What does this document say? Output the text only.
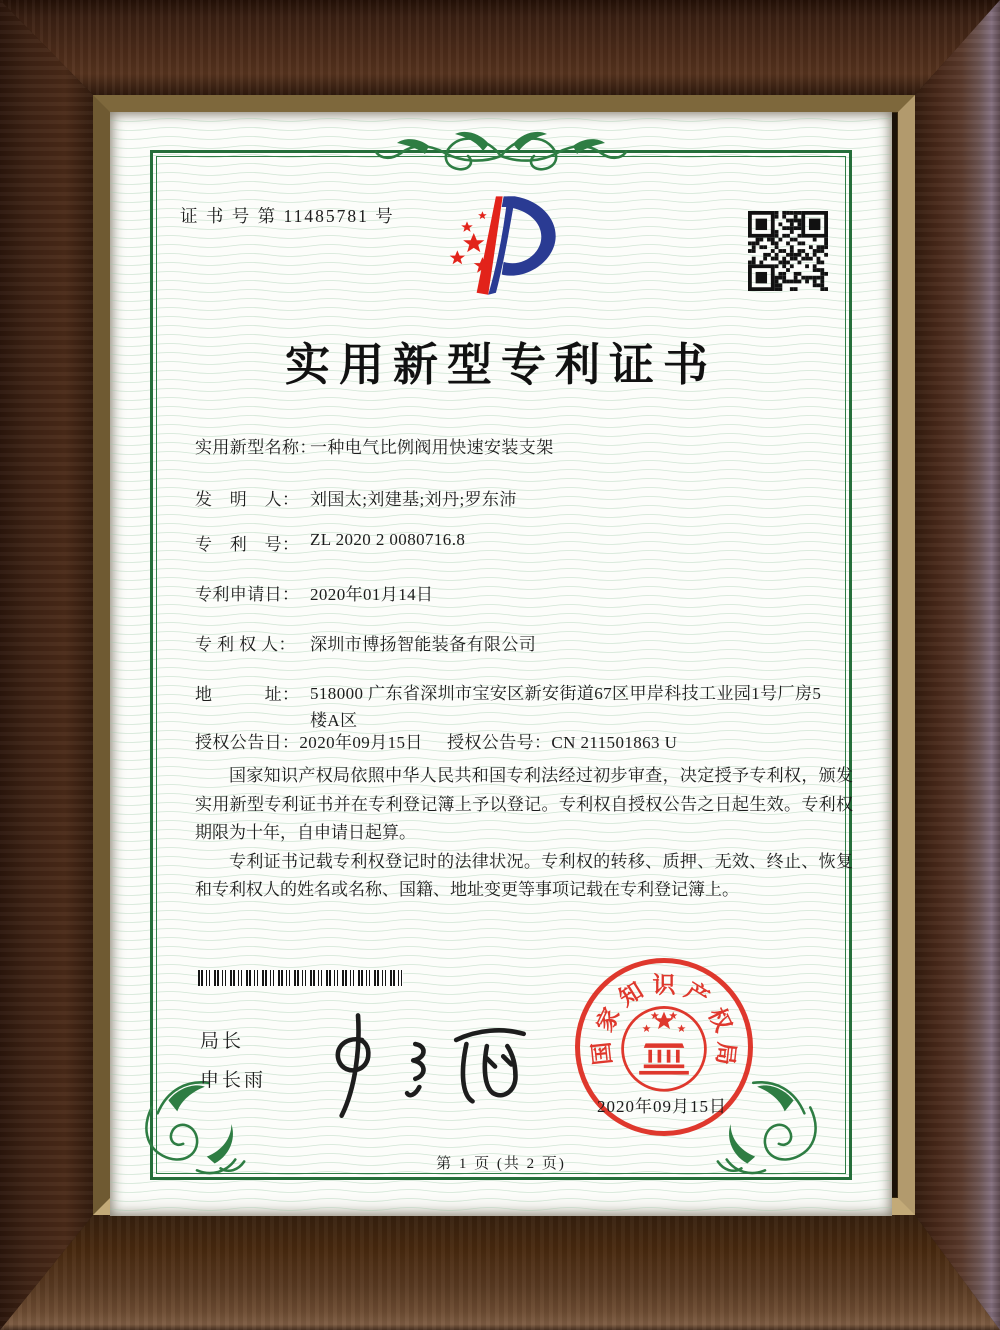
证 书 号 第 11485781 号
实用新型专利证书
实用新型名称：一种电气比例阀用快速安装支架
发　明　人： 刘国太;刘建基;刘丹;罗东沛
专　利　号： ZL 2020 2 0080716.8
专利申请日： 2020年01月14日
专 利 权 人： 深圳市博扬智能装备有限公司
地　　　址： 518000 广东省深圳市宝安区新安街道67区甲岸科技工业园1号厂房5楼A区
授权公告日：2020年09月15日 授权公告号：CN 211501863 U

国家知识产权局依照中华人民共和国专利法经过初步审查，决定授予专利权，颁发实用新型专利证书并在专利登记簿上予以登记。专利权自授权公告之日起生效。专利权期限为十年，自申请日起算。

专利证书记载专利权登记时的法律状况。专利权的转移、质押、无效、终止、恢复和专利权人的姓名或名称、国籍、地址变更等事项记载在专利登记簿上。

局长
申长雨
国
家
知 识 产
权
局
2020年09月15日
第 1 页 (共 2 页)
